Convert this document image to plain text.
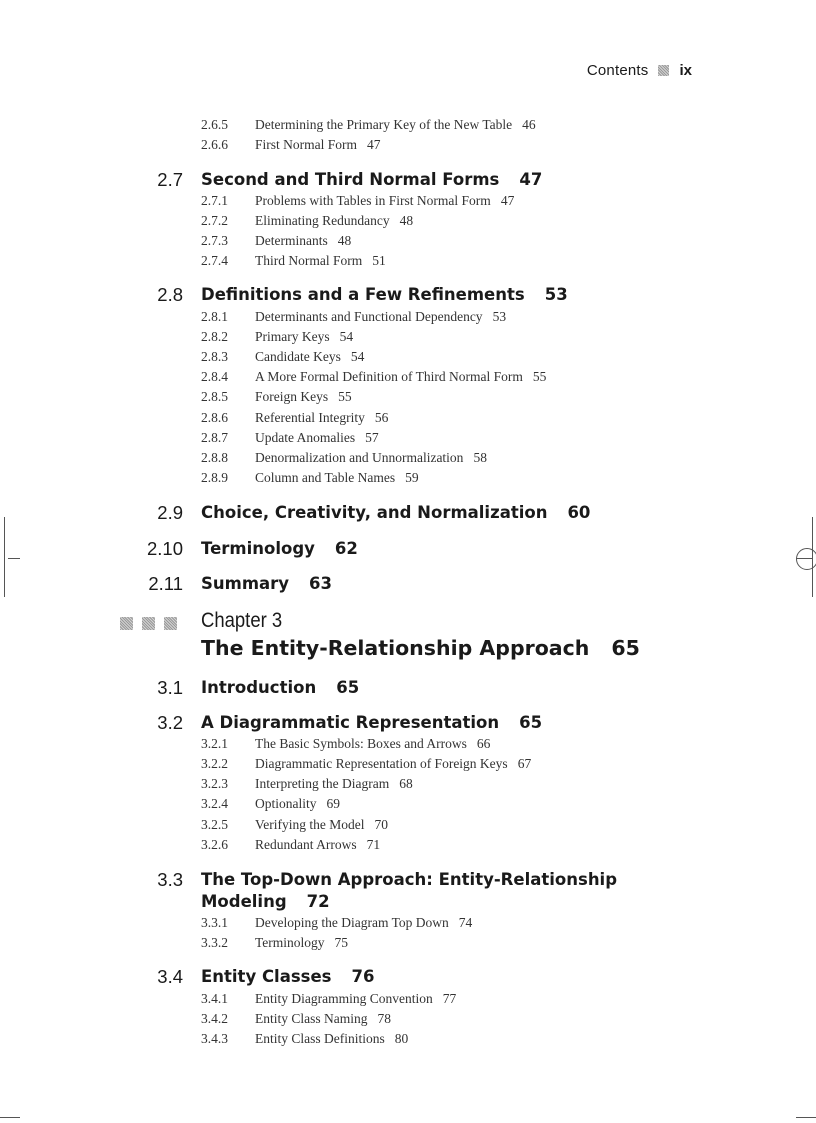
Contents ix
2.6.5 Determining the Primary Key of the New Table 46
2.6.6 First Normal Form 47
2.7 Second and Third Normal Forms 47
2.7.1 Problems with Tables in First Normal Form 47
2.7.2 Eliminating Redundancy 48
2.7.3 Determinants 48
2.7.4 Third Normal Form 51
2.8 Definitions and a Few Refinements 53
2.8.1 Determinants and Functional Dependency 53
2.8.2 Primary Keys 54
2.8.3 Candidate Keys 54
2.8.4 A More Formal Definition of Third Normal Form 55
2.8.5 Foreign Keys 55
2.8.6 Referential Integrity 56
2.8.7 Update Anomalies 57
2.8.8 Denormalization and Unnormalization 58
2.8.9 Column and Table Names 59
2.9 Choice, Creativity, and Normalization 60
2.10 Terminology 62
2.11 Summary 63
Chapter 3
The Entity-Relationship Approach 65
3.1 Introduction 65
3.2 A Diagrammatic Representation 65
3.2.1 The Basic Symbols: Boxes and Arrows 66
3.2.2 Diagrammatic Representation of Foreign Keys 67
3.2.3 Interpreting the Diagram 68
3.2.4 Optionality 69
3.2.5 Verifying the Model 70
3.2.6 Redundant Arrows 71
3.3 The Top-Down Approach: Entity-Relationship
Modeling 72
3.3.1 Developing the Diagram Top Down 74
3.3.2 Terminology 75
3.4 Entity Classes 76
3.4.1 Entity Diagramming Convention 77
3.4.2 Entity Class Naming 78
3.4.3 Entity Class Definitions 80
